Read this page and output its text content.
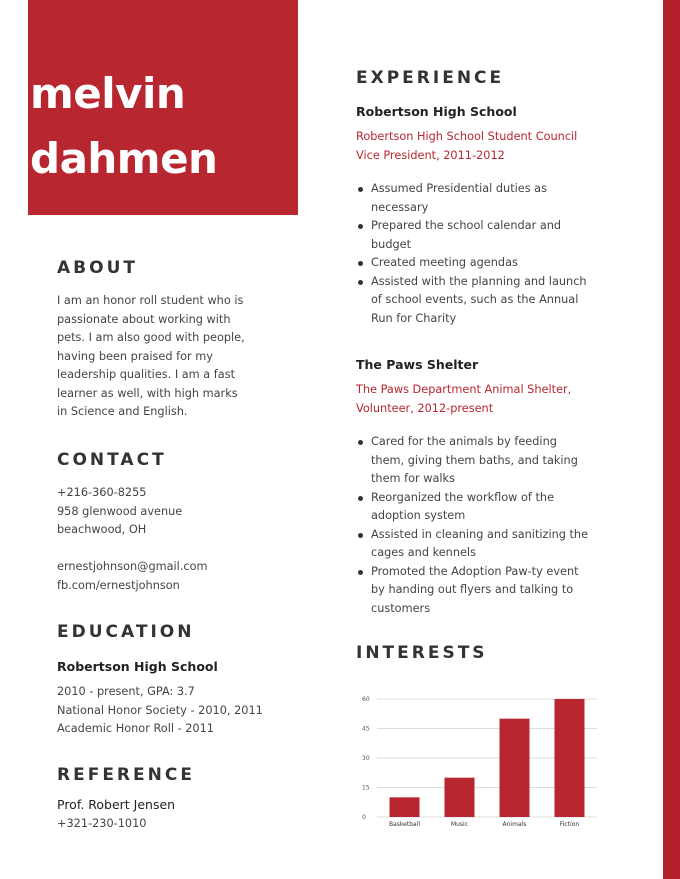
melvin
dahmen
ABOUT
I am an honor roll student who is
passionate about working with
pets. I am also good with people,
having been praised for my
leadership qualities. I am a fast
learner as well, with high marks
in Science and English.
CONTACT
+216-360-8255
958 glenwood avenue
beachwood, OH
ernestjohnson@gmail.com
fb.com/ernestjohnson
EDUCATION
Robertson High School
2010 - present, GPA: 3.7
National Honor Society - 2010, 2011
Academic Honor Roll - 2011
REFERENCE
Prof. Robert Jensen
+321-230-1010
EXPERIENCE
Robertson High School
Robertson High School Student Council
Vice President, 2011-2012
Assumed Presidential duties as
necessary
Prepared the school calendar and
budget
Created meeting agendas
Assisted with the planning and launch
of school events, such as the Annual
Run for Charity
The Paws Shelter
The Paws Department Animal Shelter,
Volunteer, 2012-present
Cared for the animals by feeding
them, giving them baths, and taking
them for walks
Reorganized the workflow of the
adoption system
Assisted in cleaning and sanitizing the
cages and kennels
Promoted the Adoption Paw-ty event
by handing out flyers and talking to
customers
INTERESTS
0
15
30
45
60
Basketball	Music	Animals	Fiction
